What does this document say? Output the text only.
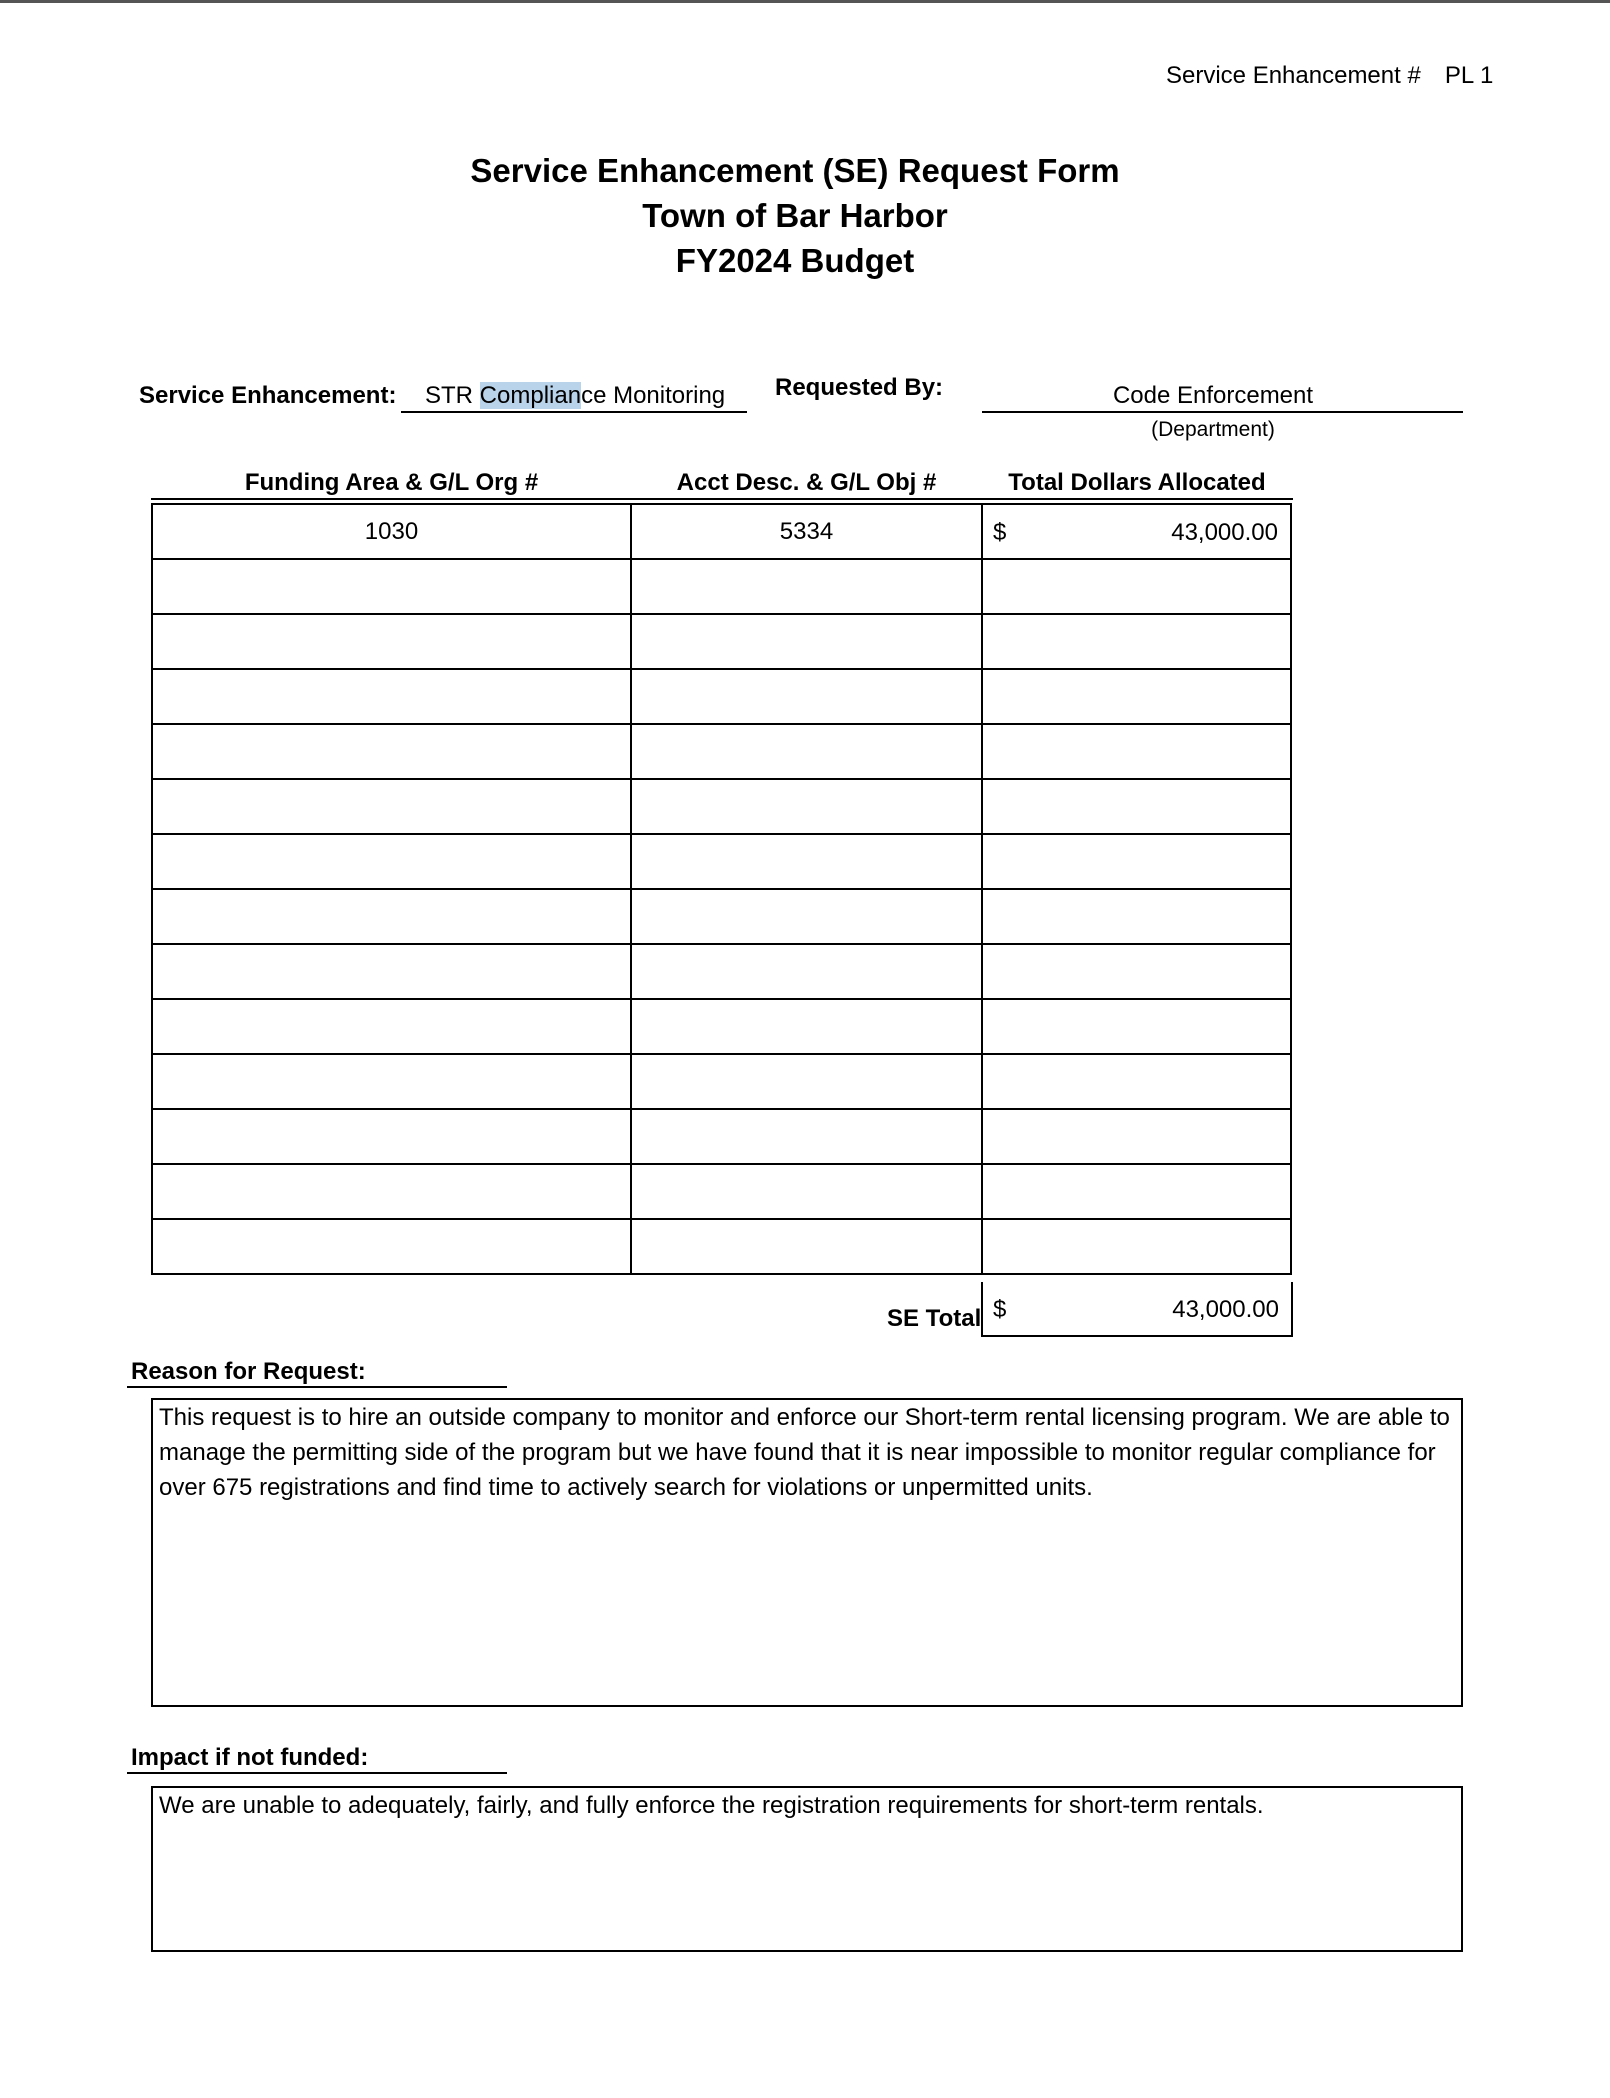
Service Enhancement # PL 1
Service Enhancement (SE) Request Form
Town of Bar Harbor
FY2024 Budget
Service Enhancement: STR Compliance Monitoring Requested By:	Code Enforcement
(Department)
Funding Area & G/L Org #	Acct Desc. & G/L Obj #	Total Dollars Allocated
1030	5334	$ 43,000.00

SE Total $	43,000.00
Reason for Request:
This request is to hire an outside company to monitor and enforce our Short-term rental licensing program. We are able to manage the permitting side of the program but we have found that it is near impossible to monitor regular compliance for over 675 registrations and find time to actively search for violations or unpermitted units.
Impact if not funded:
We are unable to adequately, fairly, and fully enforce the registration requirements for short-term rentals.
